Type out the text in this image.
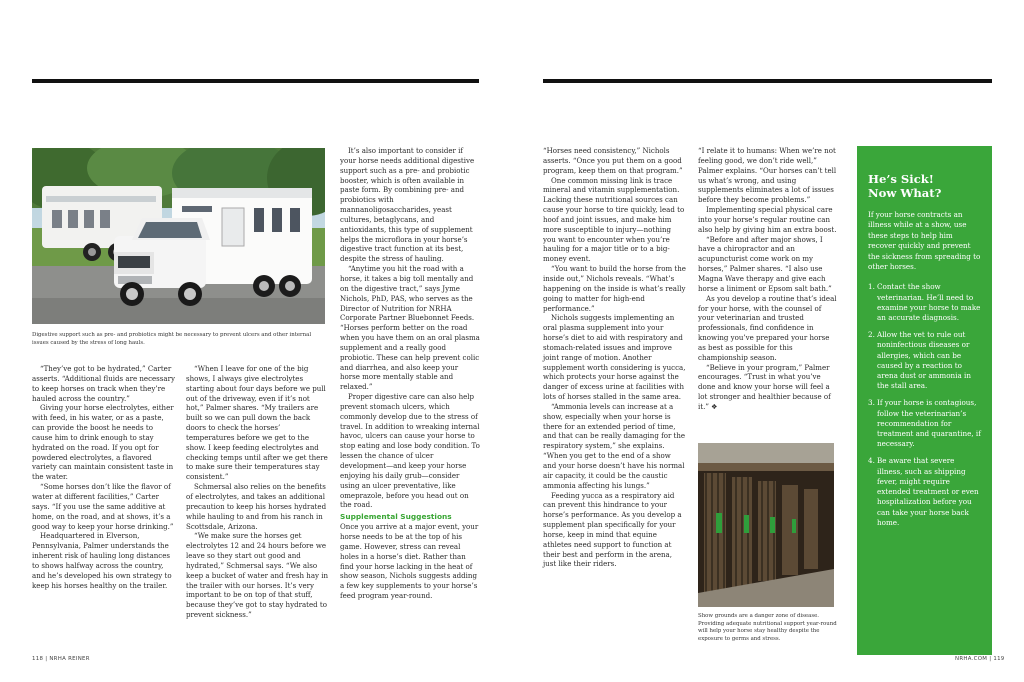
Digestive support such as pre- and probiotics might be necessary to prevent ulcers and other internal issues caused by the stress of long hauls.

“They’ve got to be hydrated,” Carter asserts. “Additional fluids are necessary to keep horses on track when they’re hauled across the country.”

Giving your horse electrolytes, either with feed, in his water, or as a paste, can provide the boost he needs to cause him to drink enough to stay hydrated on the road. If you opt for powdered electrolytes, a flavored variety can maintain consistent taste in the water.

“Some horses don’t like the flavor of water at different facilities,” Carter says. “If you use the same additive at home, on the road, and at shows, it’s a good way to keep your horse drinking.”

Headquartered in Elverson, Pennsylvania, Palmer understands the inherent risk of hauling long distances to shows halfway across the country, and he’s developed his own strategy to keep his horses healthy on the trailer.

“When I leave for one of the big shows, I always give electrolytes starting about four days before we pull out of the driveway, even if it’s not hot,” Palmer shares. “My trailers are built so we can pull down the back doors to check the horses’ temperatures before we get to the show. I keep feeding electrolytes and checking temps until after we get there to make sure their temperatures stay consistent.”

Schmersal also relies on the benefits of electrolytes, and takes an additional precaution to keep his horses hydrated while hauling to and from his ranch in Scottsdale, Arizona.

“We make sure the horses get electrolytes 12 and 24 hours before we leave so they start out good and hydrated,” Schmersal says. “We also keep a bucket of water and fresh hay in the trailer with our horses. It’s very important to be on top of that stuff, because they’ve got to stay hydrated to prevent sickness.”

It’s also important to consider if your horse needs additional digestive support such as a pre- and probiotic booster, which is often available in paste form. By combining pre- and probiotics with mannanoligosaccharides, yeast cultures, betaglycans, and antioxidants, this type of supplement helps the microflora in your horse’s digestive tract function at its best, despite the stress of hauling.

“Anytime you hit the road with a horse, it takes a big toll mentally and on the digestive tract,” says Jyme Nichols, PhD, PAS, who serves as the Director of Nutrition for NRHA Corporate Partner Bluebonnet Feeds. “Horses perform better on the road when you have them on an oral plasma supplement and a really good probiotic. These can help prevent colic and diarrhea, and also keep your horse more mentally stable and relaxed.”

Proper digestive care can also help prevent stomach ulcers, which commonly develop due to the stress of travel. In addition to wreaking internal havoc, ulcers can cause your horse to stop eating and lose body condition. To lessen the chance of ulcer development—and keep your horse enjoying his daily grub—consider using an ulcer preventative, like omeprazole, before you head out on the road.

Supplemental Suggestions

Once you arrive at a major event, your horse needs to be at the top of his game. However, stress can reveal holes in a horse’s diet. Rather than find your horse lacking in the heat of show season, Nichols suggests adding a few key supplements to your horse’s feed program year-round.

“Horses need consistency,” Nichols asserts. “Once you put them on a good program, keep them on that program.”

One common missing link is trace mineral and vitamin supplementation. Lacking these nutritional sources can cause your horse to tire quickly, lead to hoof and joint issues, and make him more susceptible to injury—nothing you want to encounter when you’re hauling for a major title or to a big-money event.

“You want to build the horse from the inside out,” Nichols reveals. “What’s happening on the inside is what’s really going to matter for high-end performance.”

Nichols suggests implementing an oral plasma supplement into your horse’s diet to aid with respiratory and stomach-related issues and improve joint range of motion. Another supplement worth considering is yucca, which protects your horse against the danger of excess urine at facilities with lots of horses stalled in the same area.

“Ammonia levels can increase at a show, especially when your horse is there for an extended period of time, and that can be really damaging for the respiratory system,” she explains. “When you get to the end of a show and your horse doesn’t have his normal air capacity, it could be the caustic ammonia affecting his lungs.”

Feeding yucca as a respiratory aid can prevent this hindrance to your horse’s performance. As you develop a supplement plan specifically for your horse, keep in mind that equine athletes need support to function at their best and perform in the arena, just like their riders.

“I relate it to humans: When we’re not feeling good, we don’t ride well,” Palmer explains. “Our horses can’t tell us what’s wrong, and using supplements eliminates a lot of issues before they become problems.”

Implementing special physical care into your horse’s regular routine can also help by giving him an extra boost.

“Before and after major shows, I have a chiropractor and an acupuncturist come work on my horses,” Palmer shares. “I also use Magna Wave therapy and give each horse a liniment or Epsom salt bath.”

As you develop a routine that’s ideal for your horse, with the counsel of your veterinarian and trusted professionals, find confidence in knowing you’ve prepared your horse as best as possible for this championship season.

“Believe in your program,” Palmer encourages. “Trust in what you’ve done and know your horse will feel a lot stronger and healthier because of it.” ❖

Show grounds are a danger zone of disease. Providing adequate nutritional support year-round will help your horse stay healthy despite the exposure to germs and stress.
He’s Sick!
Now What?

If your horse contracts an illness while at a show, use these steps to help him recover quickly and prevent the sickness from spreading to other horses.

1. Contact the show veterinarian. He’ll need to examine your horse to make an accurate diagnosis.
2. Allow the vet to rule out noninfectious diseases or allergies, which can be caused by a reaction to arena dust or ammonia in the stall area.
3. If your horse is contagious, follow the veterinarian’s recommendation for treatment and quarantine, if necessary.
4. Be aware that severe illness, such as shipping fever, might require extended treatment or even hospitalization before you can take your horse back home.
118 | NRHA REINER	NRHA.COM | 119
